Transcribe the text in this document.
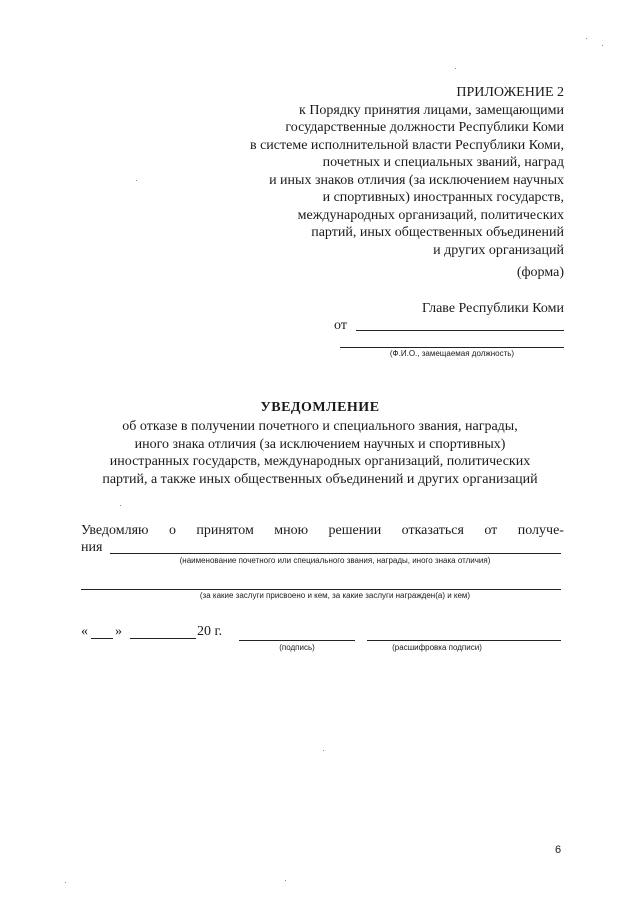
ПРИЛОЖЕНИЕ 2
к Порядку принятия лицами, замещающими
государственные должности Республики Коми
в системе исполнительной власти Республики Коми,
почетных и специальных званий, наград
и иных знаков отличия (за исключением научных
и спортивных) иностранных государств,
международных организаций, политических
партий, иных общественных объединений
и других организаций
(форма)
Главе Республики Коми
от
(Ф.И.О., замещаемая должность)
УВЕДОМЛЕНИЕ
об отказе в получении почетного и специального звания, награды,
иного знака отличия (за исключением научных и спортивных)
иностранных государств, международных организаций, политических
партий, а также иных общественных объединений и других организаций
Уведомляю о принятом мною решении отказаться от получе-
ния
(наименование почетного или специального звания, награды, иного знака отличия)
(за какие заслуги присвоено и кем, за какие заслуги награжден(а) и кем)
« »	20 г.
(подпись)	(расшифровка подписи)
6
